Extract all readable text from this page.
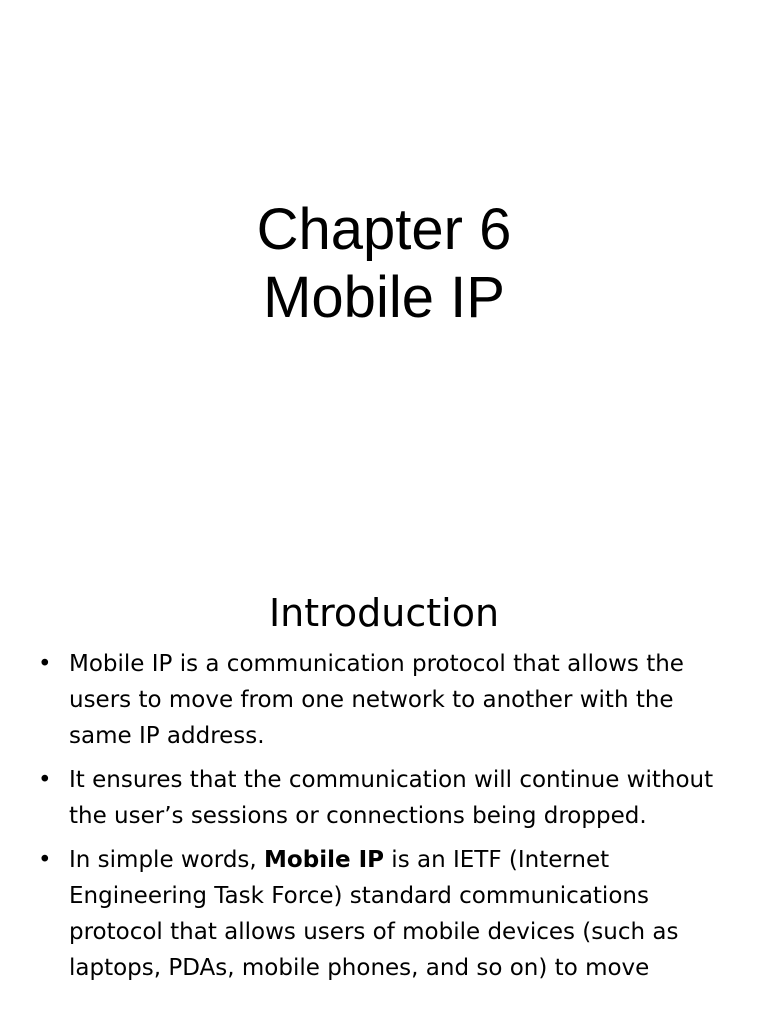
Chapter 6
Mobile IP
Introduction
• Mobile IP is a communication protocol that allows the users to move from one network to another with the same IP address.
• It ensures that the communication will continue without the user’s sessions or connections being dropped.
• In simple words, Mobile IP is an IETF (Internet Engineering Task Force) standard communications protocol that allows users of mobile devices (such as laptops, PDAs, mobile phones, and so on) to move
